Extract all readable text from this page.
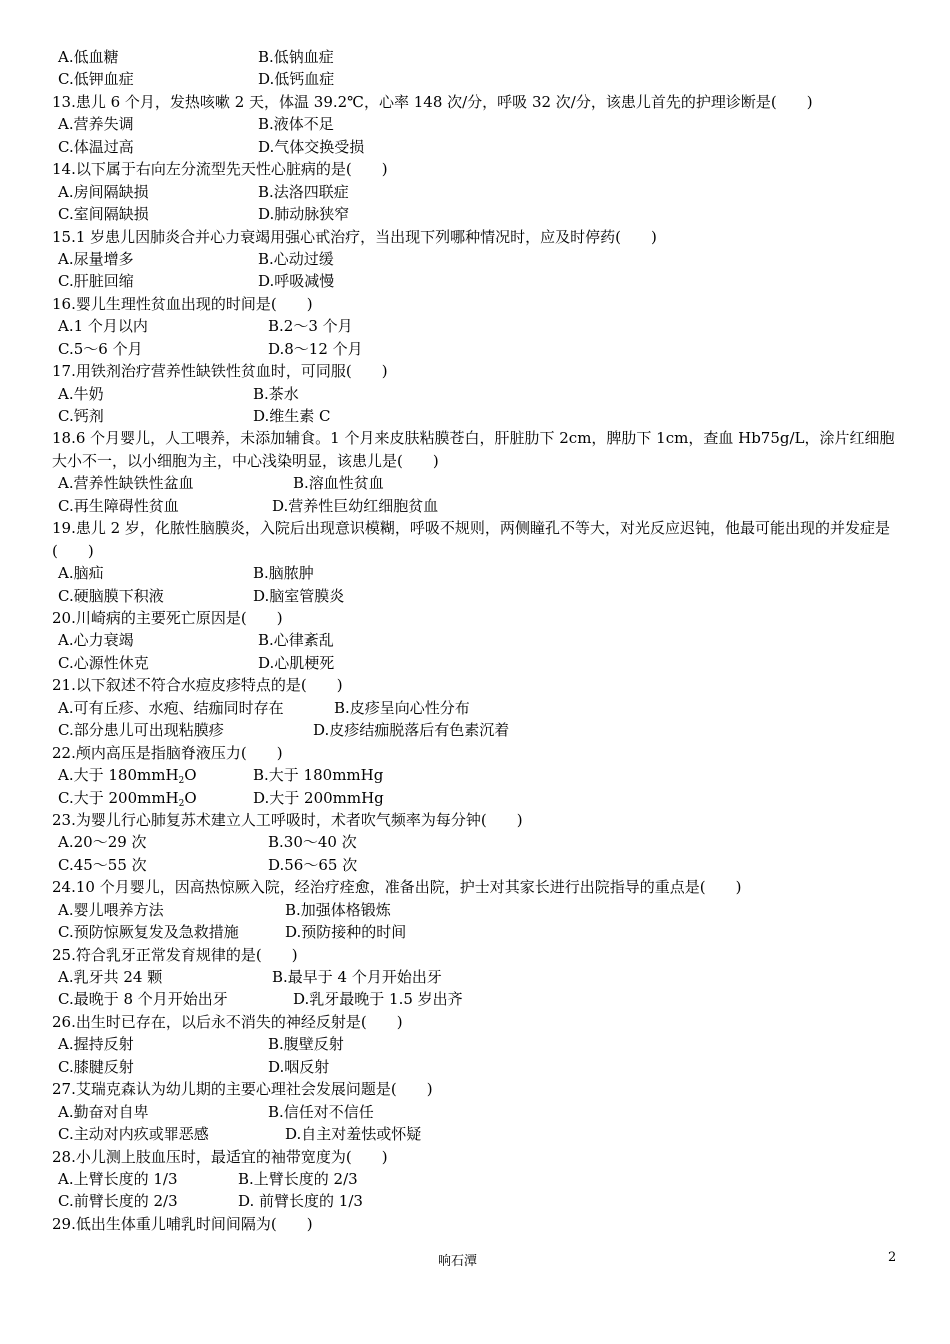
A.低血糖	B.低钠血症
C.低钾血症	D.低钙血症
13.患儿 6 个月，发热咳嗽 2 天，体温 39.2℃，心率 148 次/分，呼吸 32 次/分，该患儿首先的护理诊断是(　　)
A.营养失调	B.液体不足
C.体温过高	D.气体交换受损
14.以下属于右向左分流型先天性心脏病的是(　　)
A.房间隔缺损	B.法洛四联症
C.室间隔缺损	D.肺动脉狭窄
15.1 岁患儿因肺炎合并心力衰竭用强心甙治疗，当出现下列哪种情况时，应及时停药(　　)
A.尿量增多	B.心动过缓
C.肝脏回缩	D.呼吸减慢
16.婴儿生理性贫血出现的时间是(　　)
A.1 个月以内	B.2～3 个月
C.5～6 个月	D.8～12 个月
17.用铁剂治疗营养性缺铁性贫血时，可同服(　　)
A.牛奶	B.茶水
C.钙剂	D.维生素 C
18.6 个月婴儿，人工喂养，未添加辅食。1 个月来皮肤粘膜苍白，肝脏肋下 2cm，脾肋下 1cm，查血 Hb75g/L，涂片红细胞大小不一，以小细胞为主，中心浅染明显，该患儿是(　　)
A.营养性缺铁性盆血	B.溶血性贫血
C.再生障碍性贫血	D.营养性巨幼红细胞贫血
19.患儿 2 岁，化脓性脑膜炎，入院后出现意识模糊，呼吸不规则，两侧瞳孔不等大，对光反应迟钝，他最可能出现的并发症是(　　)
A.脑疝	B.脑脓肿
C.硬脑膜下积液	D.脑室管膜炎
20.川崎病的主要死亡原因是(　　)
A.心力衰竭	B.心律紊乱
C.心源性休克	D.心肌梗死
21.以下叙述不符合水痘皮疹特点的是(　　)
A.可有丘疹、水疱、结痂同时存在	B.皮疹呈向心性分布
C.部分患儿可出现粘膜疹	D.皮疹结痂脱落后有色素沉着
22.颅内高压是指脑脊液压力(　　)
A.大于 180mmH$_2$O	B.大于 180mmHg
C.大于 200mmH$_2$O	D.大于 200mmHg
23.为婴儿行心肺复苏术建立人工呼吸时，术者吹气频率为每分钟(　　)
A.20～29 次	B.30～40 次
C.45～55 次	D.56～65 次
24.10 个月婴儿，因高热惊厥入院，经治疗痊愈，准备出院，护士对其家长进行出院指导的重点是(　　)
A.婴儿喂养方法	B.加强体格锻炼
C.预防惊厥复发及急救措施	D.预防接种的时间
25.符合乳牙正常发育规律的是(　　)
A.乳牙共 24 颗	B.最早于 4 个月开始出牙
C.最晚于 8 个月开始出牙	D.乳牙最晚于 1.5 岁出齐
26.出生时已存在，以后永不消失的神经反射是(　　)
A.握持反射	B.腹壁反射
C.膝腱反射	D.咽反射
27.艾瑞克森认为幼儿期的主要心理社会发展问题是(　　)
A.勤奋对自卑	B.信任对不信任
C.主动对内疚或罪恶感	D.自主对羞怯或怀疑
28.小儿测上肢血压时，最适宜的袖带宽度为(　　)
A.上臂长度的 1/3	B.上臂长度的 2/3
C.前臂长度的 2/3	D. 前臂长度的 1/3
29.低出生体重儿哺乳时间间隔为(　　)
响石潭	2
